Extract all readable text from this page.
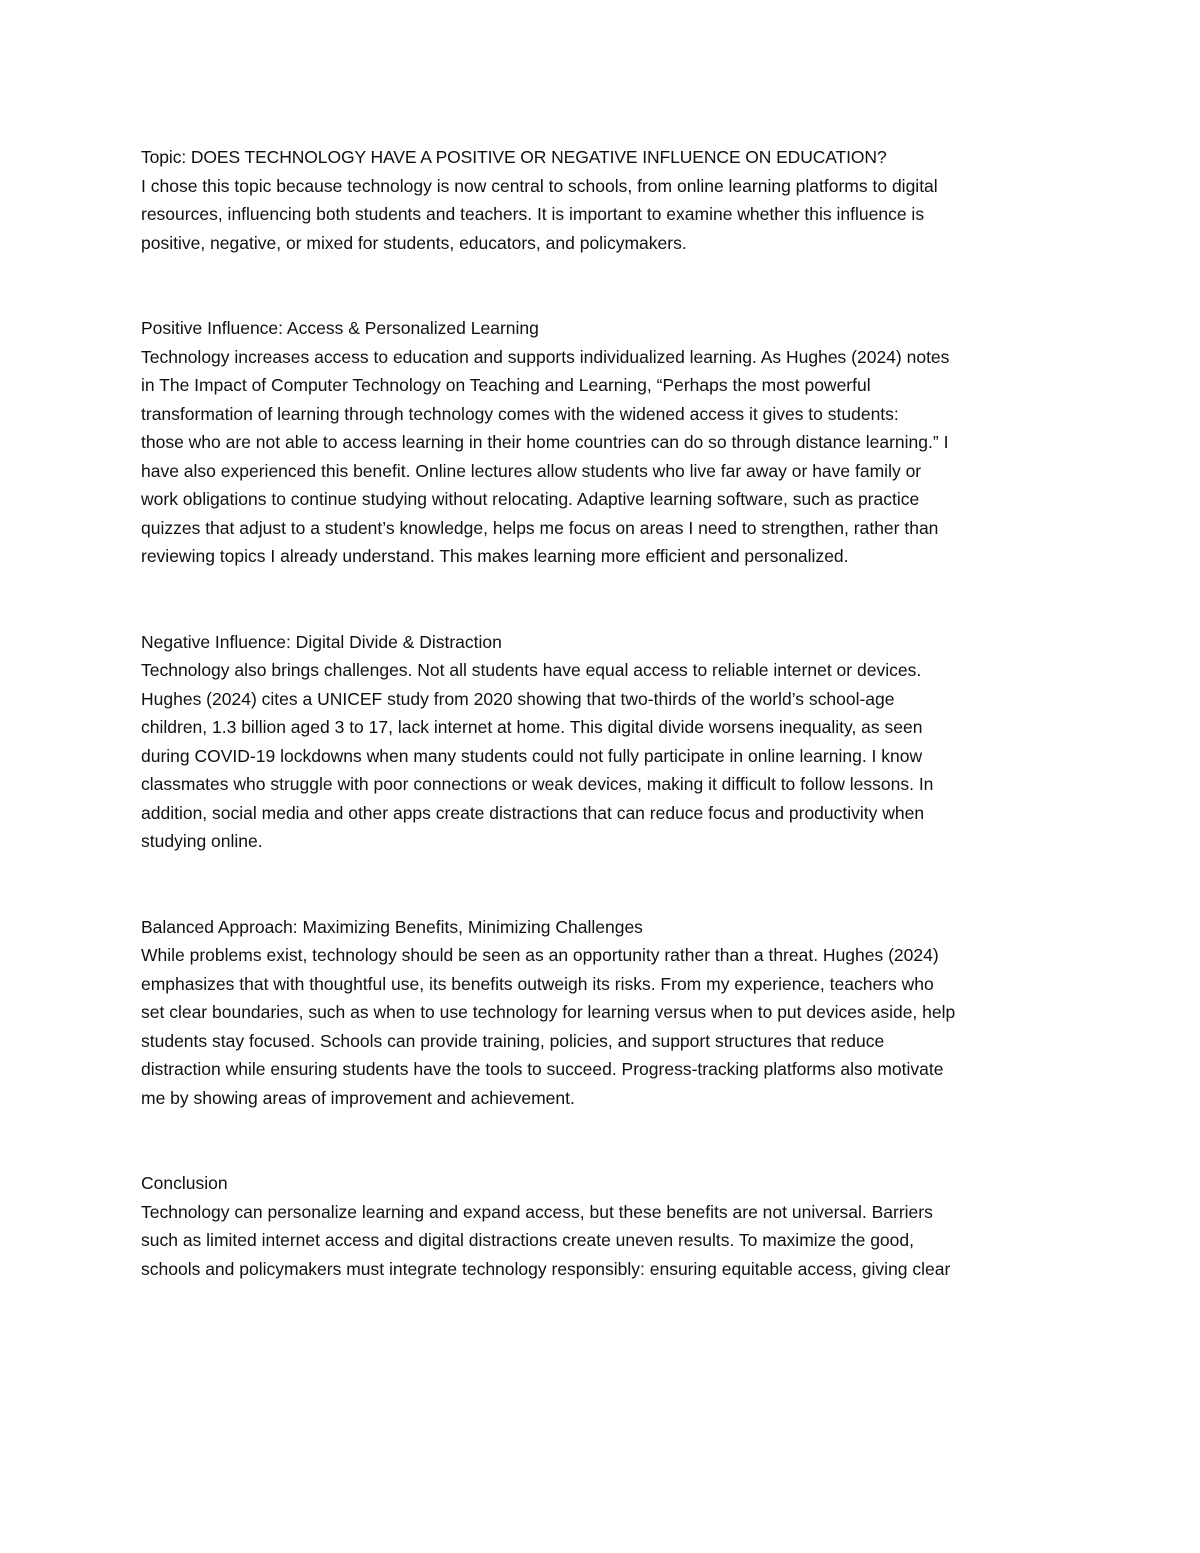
Topic: DOES TECHNOLOGY HAVE A POSITIVE OR NEGATIVE INFLUENCE ON EDUCATION?

I chose this topic because technology is now central to schools, from online learning platforms to digital
resources, influencing both students and teachers. It is important to examine whether this influence is
positive, negative, or mixed for students, educators, and policymakers.

Positive Influence: Access & Personalized Learning

Technology increases access to education and supports individualized learning. As Hughes (2024) notes
in The Impact of Computer Technology on Teaching and Learning, “Perhaps the most powerful
transformation of learning through technology comes with the widened access it gives to students:
those who are not able to access learning in their home countries can do so through distance learning.” I
have also experienced this benefit. Online lectures allow students who live far away or have family or
work obligations to continue studying without relocating. Adaptive learning software, such as practice
quizzes that adjust to a student’s knowledge, helps me focus on areas I need to strengthen, rather than
reviewing topics I already understand. This makes learning more efficient and personalized.

Negative Influence: Digital Divide & Distraction

Technology also brings challenges. Not all students have equal access to reliable internet or devices.
Hughes (2024) cites a UNICEF study from 2020 showing that two-thirds of the world’s school-age
children, 1.3 billion aged 3 to 17, lack internet at home. This digital divide worsens inequality, as seen
during COVID-19 lockdowns when many students could not fully participate in online learning. I know
classmates who struggle with poor connections or weak devices, making it difficult to follow lessons. In
addition, social media and other apps create distractions that can reduce focus and productivity when
studying online.

Balanced Approach: Maximizing Benefits, Minimizing Challenges

While problems exist, technology should be seen as an opportunity rather than a threat. Hughes (2024)
emphasizes that with thoughtful use, its benefits outweigh its risks. From my experience, teachers who
set clear boundaries, such as when to use technology for learning versus when to put devices aside, help
students stay focused. Schools can provide training, policies, and support structures that reduce
distraction while ensuring students have the tools to succeed. Progress-tracking platforms also motivate
me by showing areas of improvement and achievement.

Conclusion

Technology can personalize learning and expand access, but these benefits are not universal. Barriers
such as limited internet access and digital distractions create uneven results. To maximize the good,
schools and policymakers must integrate technology responsibly: ensuring equitable access, giving clear
